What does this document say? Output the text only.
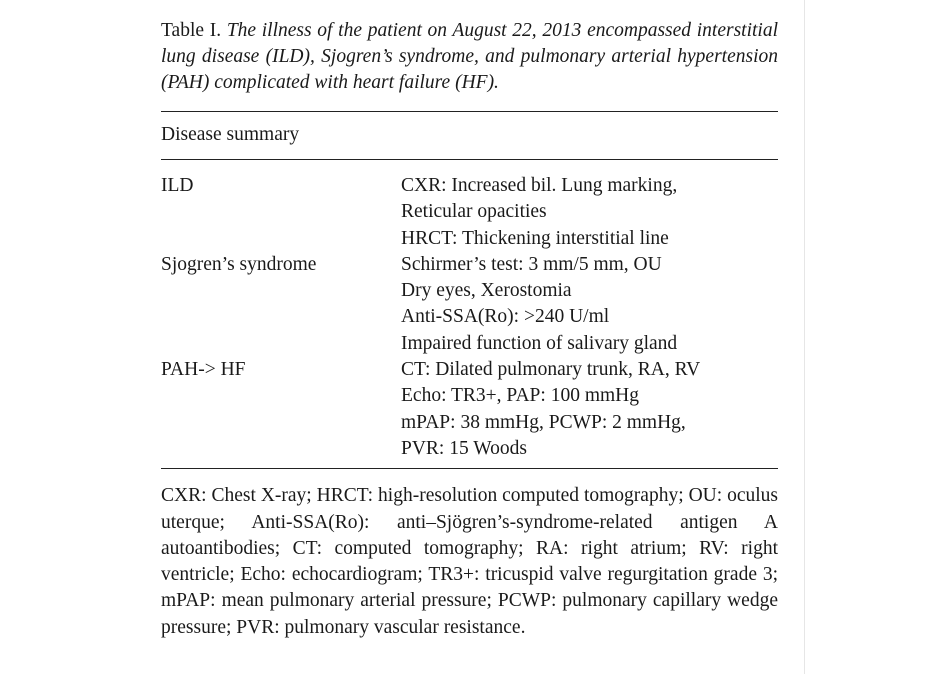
Table I. The illness of the patient on August 22, 2013 encompassed interstitial lung disease (ILD), Sjogren’s syndrome, and pulmonary arterial hypertension (PAH) complicated with heart failure (HF).

Disease summary
ILD	CXR: Increased bil. Lung marking,
Reticular opacities
HRCT: Thickening interstitial line
Sjogren’s syndrome	Schirmer’s test: 3 mm/5 mm, OU
Dry eyes, Xerostomia
Anti-SSA(Ro): >240 U/ml
Impaired function of salivary gland
PAH-> HF	CT: Dilated pulmonary trunk, RA, RV
Echo: TR3+, PAP: 100 mmHg
mPAP: 38 mmHg, PCWP: 2 mmHg,
PVR: 15 Woods
CXR: Chest X-ray; HRCT: high-resolution computed tomography; OU: oculus uterque; Anti-SSA(Ro): anti–Sjögren’s-syndrome-related antigen A autoantibodies; CT: computed tomography; RA: right atrium; RV: right ventricle; Echo: echocardiogram; TR3+: tricuspid valve regurgitation grade 3; mPAP: mean pulmonary arterial pressure; PCWP: pulmonary capillary wedge pressure; PVR: pulmonary vascular resistance.
